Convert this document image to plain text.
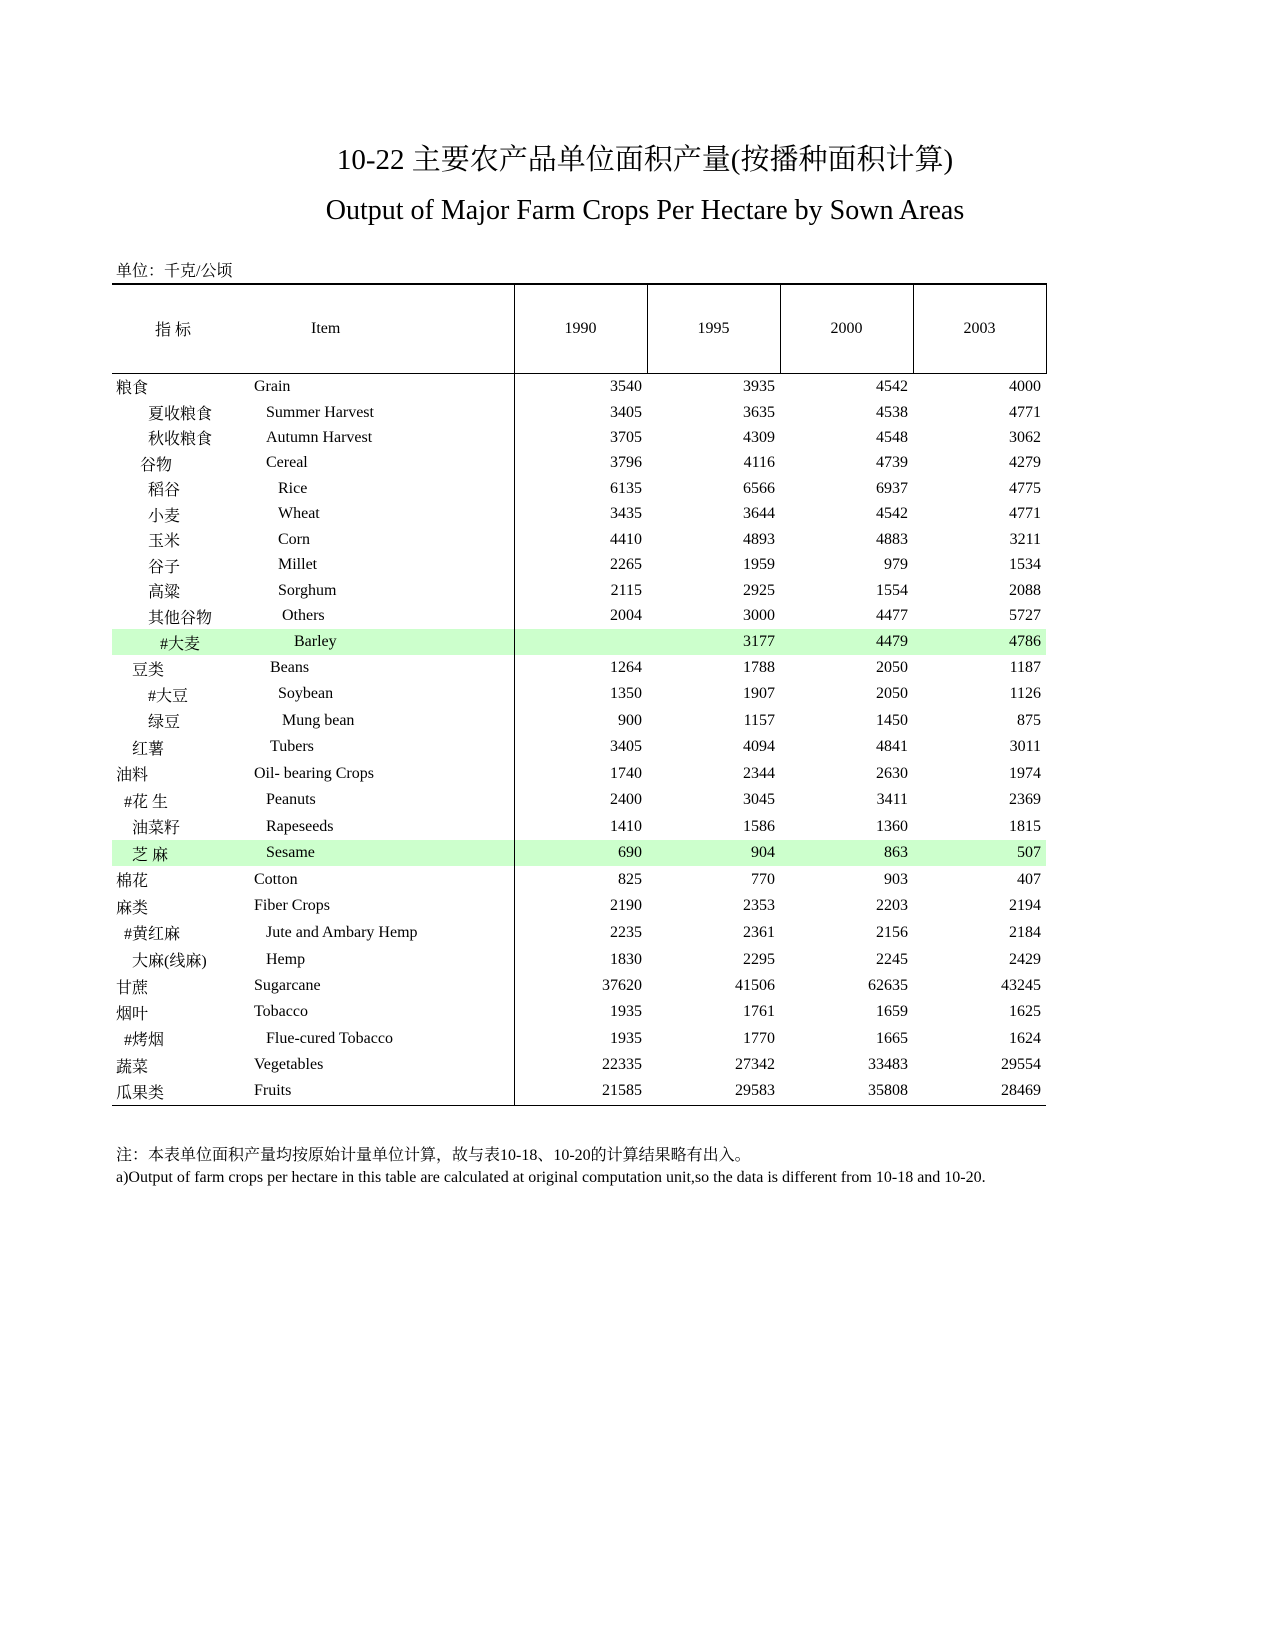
10-22 主要农产品单位面积产量(按播种面积计算)
Output of Major Farm Crops Per Hectare by Sown Areas
单位：千克/公顷
指 标	Item	1990	1995	2000	2003
粮食	Grain	3540	3935	4542	4000
夏收粮食	Summer Harvest	3405	3635	4538	4771
秋收粮食	Autumn Harvest	3705	4309	4548	3062
谷物	Cereal	3796	4116	4739	4279
稻谷	Rice	6135	6566	6937	4775
小麦	Wheat	3435	3644	4542	4771
玉米	Corn	4410	4893	4883	3211
谷子	Millet	2265	1959	979	1534
高粱	Sorghum	2115	2925	1554	2088
其他谷物	Others	2004	3000	4477	5727
#大麦	Barley		3177	4479	4786
豆类	Beans	1264	1788	2050	1187
#大豆	Soybean	1350	1907	2050	1126
绿豆	Mung bean	900	1157	1450	875
红薯	Tubers	3405	4094	4841	3011
油料	Oil- bearing Crops	1740	2344	2630	1974
#花 生	Peanuts	2400	3045	3411	2369
油菜籽	Rapeseeds	1410	1586	1360	1815
芝 麻	Sesame	690	904	863	507
棉花	Cotton	825	770	903	407
麻类	Fiber Crops	2190	2353	2203	2194
#黄红麻	Jute and Ambary Hemp	2235	2361	2156	2184
大麻(线麻)	Hemp	1830	2295	2245	2429
甘蔗	Sugarcane	37620	41506	62635	43245
烟叶	Tobacco	1935	1761	1659	1625
#烤烟	Flue-cured Tobacco	1935	1770	1665	1624
蔬菜	Vegetables	22335	27342	33483	29554
瓜果类	Fruits	21585	29583	35808	28469
注：本表单位面积产量均按原始计量单位计算，故与表10-18、10-20的计算结果略有出入。
a)Output of farm crops per hectare in this table are calculated at original computation unit,so the data is different from 10-18 and 10-20.
